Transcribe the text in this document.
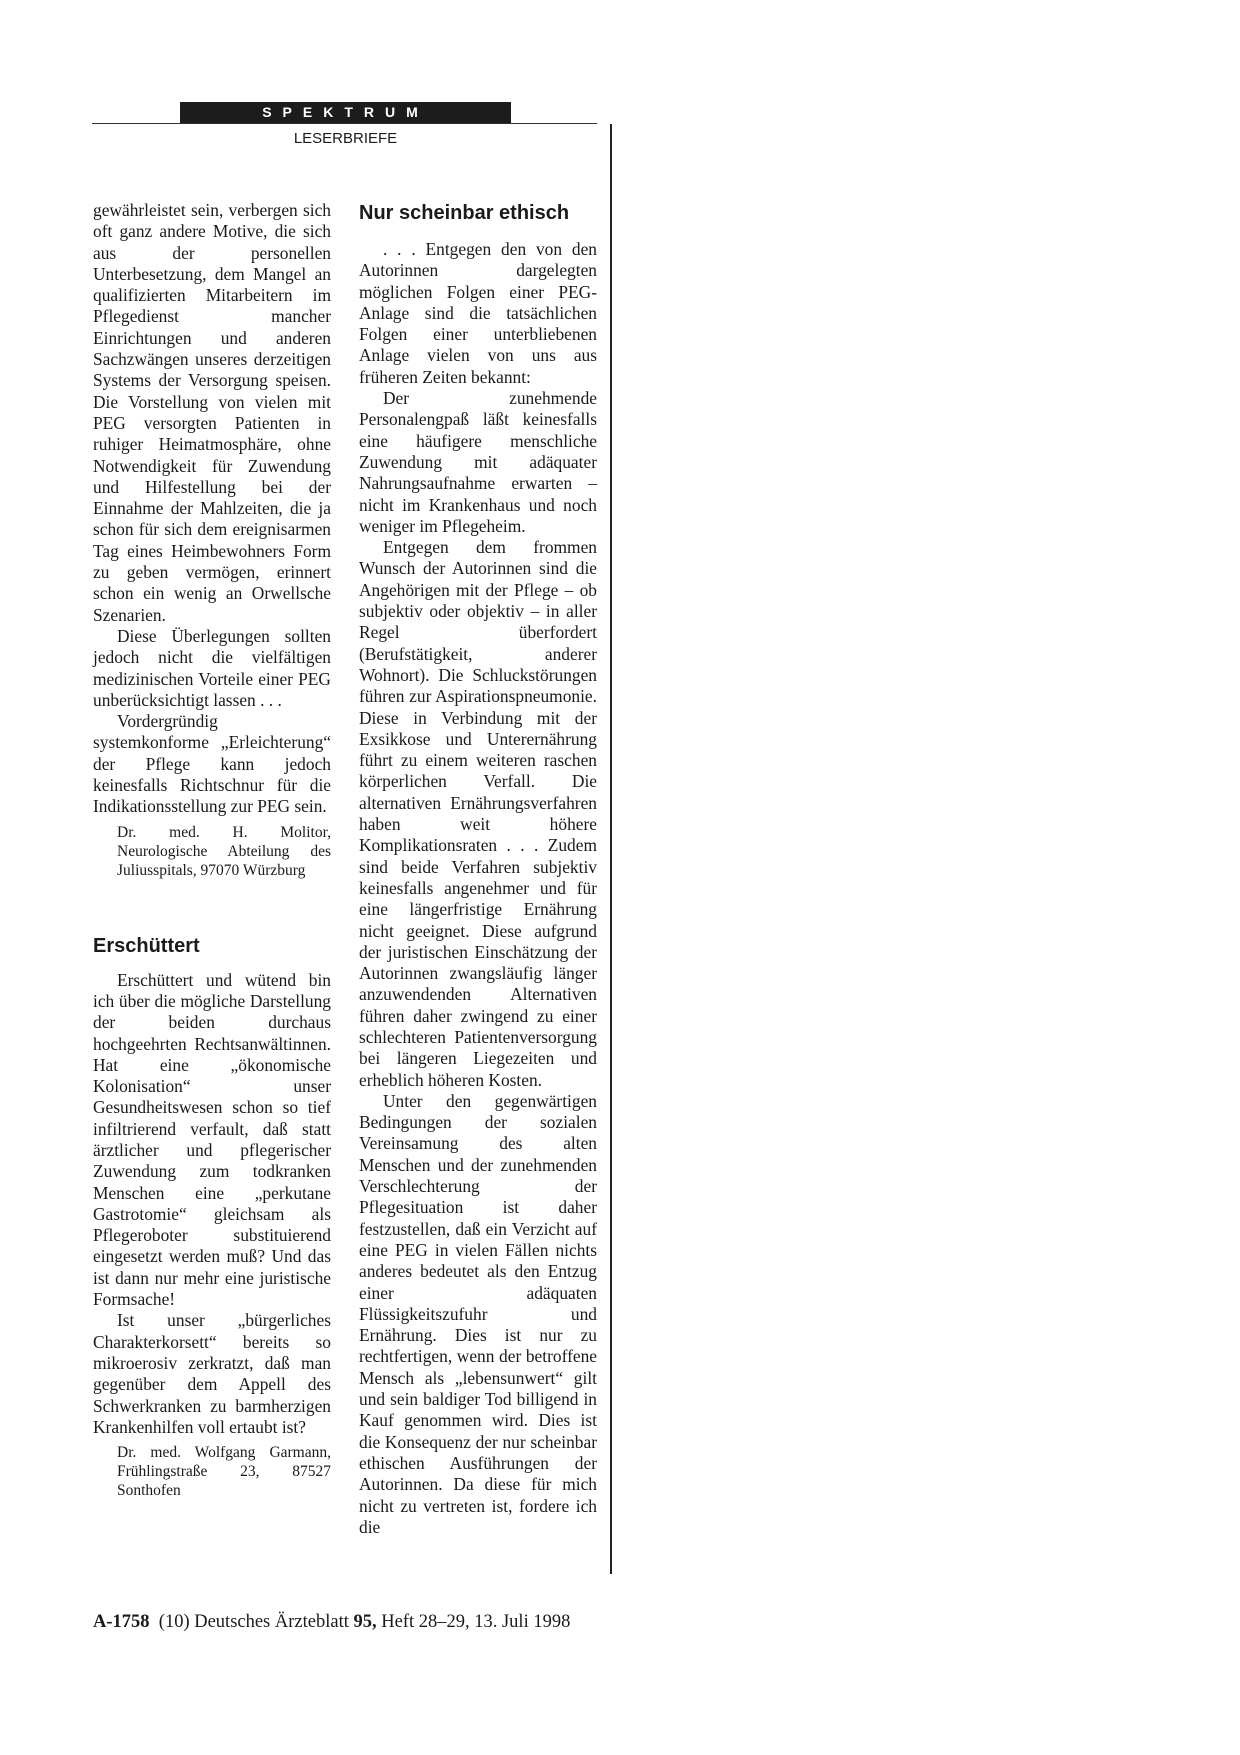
SPEKTRUM
LESERBRIEFE

gewährleistet sein, verbergen sich oft ganz andere Motive, die sich aus der personellen Unterbesetzung, dem Mangel an qualifizierten Mitarbeitern im Pflegedienst mancher Einrichtungen und anderen Sachzwängen unseres derzeitigen Systems der Versorgung speisen. Die Vorstellung von vielen mit PEG versorgten Patienten in ruhiger Heimatmosphäre, ohne Notwendigkeit für Zuwendung und Hilfestellung bei der Einnahme der Mahlzeiten, die ja schon für sich dem ereignisarmen Tag eines Heimbewohners Form zu geben vermögen, erinnert schon ein wenig an Orwellsche Szenarien.

Diese Überlegungen sollten jedoch nicht die vielfältigen medizinischen Vorteile einer PEG unberücksichtigt lassen . . .

Vordergründig systemkonforme „Erleichterung“ der Pflege kann jedoch keinesfalls Richtschnur für die Indikationsstellung zur PEG sein.

Dr. med. H. Molitor, Neurologische Abteilung des Juliusspitals, 97070 Würzburg
Erschüttert

Erschüttert und wütend bin ich über die mögliche Darstellung der beiden durchaus hochgeehrten Rechtsanwältinnen. Hat eine „ökonomische Kolonisation“ unser Gesundheitswesen schon so tief infiltrierend verfault, daß statt ärztlicher und pflegerischer Zuwendung zum todkranken Menschen eine „perkutane Gastrotomie“ gleichsam als Pflegeroboter substituierend eingesetzt werden muß? Und das ist dann nur mehr eine juristische Formsache!

Ist unser „bürgerliches Charakterkorsett“ bereits so mikroerosiv zerkratzt, daß man gegenüber dem Appell des Schwerkranken zu barmherzigen Krankenhilfen voll ertaubt ist?

Dr. med. Wolfgang Garmann, Frühlingstraße 23, 87527 Sonthofen
Nur scheinbar ethisch

. . . Entgegen den von den Autorinnen dargelegten möglichen Folgen einer PEG-Anlage sind die tatsächlichen Folgen einer unterbliebenen Anlage vielen von uns aus früheren Zeiten bekannt:

Der zunehmende Personalengpaß läßt keinesfalls eine häufigere menschliche Zuwendung mit adäquater Nahrungsaufnahme erwarten – nicht im Krankenhaus und noch weniger im Pflegeheim.

Entgegen dem frommen Wunsch der Autorinnen sind die Angehörigen mit der Pflege – ob subjektiv oder objektiv – in aller Regel überfordert (Berufstätigkeit, anderer Wohnort). Die Schluckstörungen führen zur Aspirationspneumonie. Diese in Verbindung mit der Exsikkose und Unterernährung führt zu einem weiteren raschen körperlichen Verfall. Die alternativen Ernährungsverfahren haben weit höhere Komplikationsraten . . . Zudem sind beide Verfahren subjektiv keinesfalls angenehmer und für eine längerfristige Ernährung nicht geeignet. Diese aufgrund der juristischen Einschätzung der Autorinnen zwangsläufig länger anzuwendenden Alternativen führen daher zwingend zu einer schlechteren Patientenversorgung bei längeren Liegezeiten und erheblich höheren Kosten.

Unter den gegenwärtigen Bedingungen der sozialen Vereinsamung des alten Menschen und der zunehmenden Verschlechterung der Pflegesituation ist daher festzustellen, daß ein Verzicht auf eine PEG in vielen Fällen nichts anderes bedeutet als den Entzug einer adäquaten Flüssigkeitszufuhr und Ernährung. Dies ist nur zu rechtfertigen, wenn der betroffene Mensch als „lebensunwert“ gilt und sein baldiger Tod billigend in Kauf genommen wird. Dies ist die Konsequenz der nur scheinbar ethischen Ausführungen der Autorinnen. Da diese für mich nicht zu vertreten ist, fordere ich die

A-1758 (10) Deutsches Ärzteblatt 95, Heft 28–29, 13. Juli 1998
